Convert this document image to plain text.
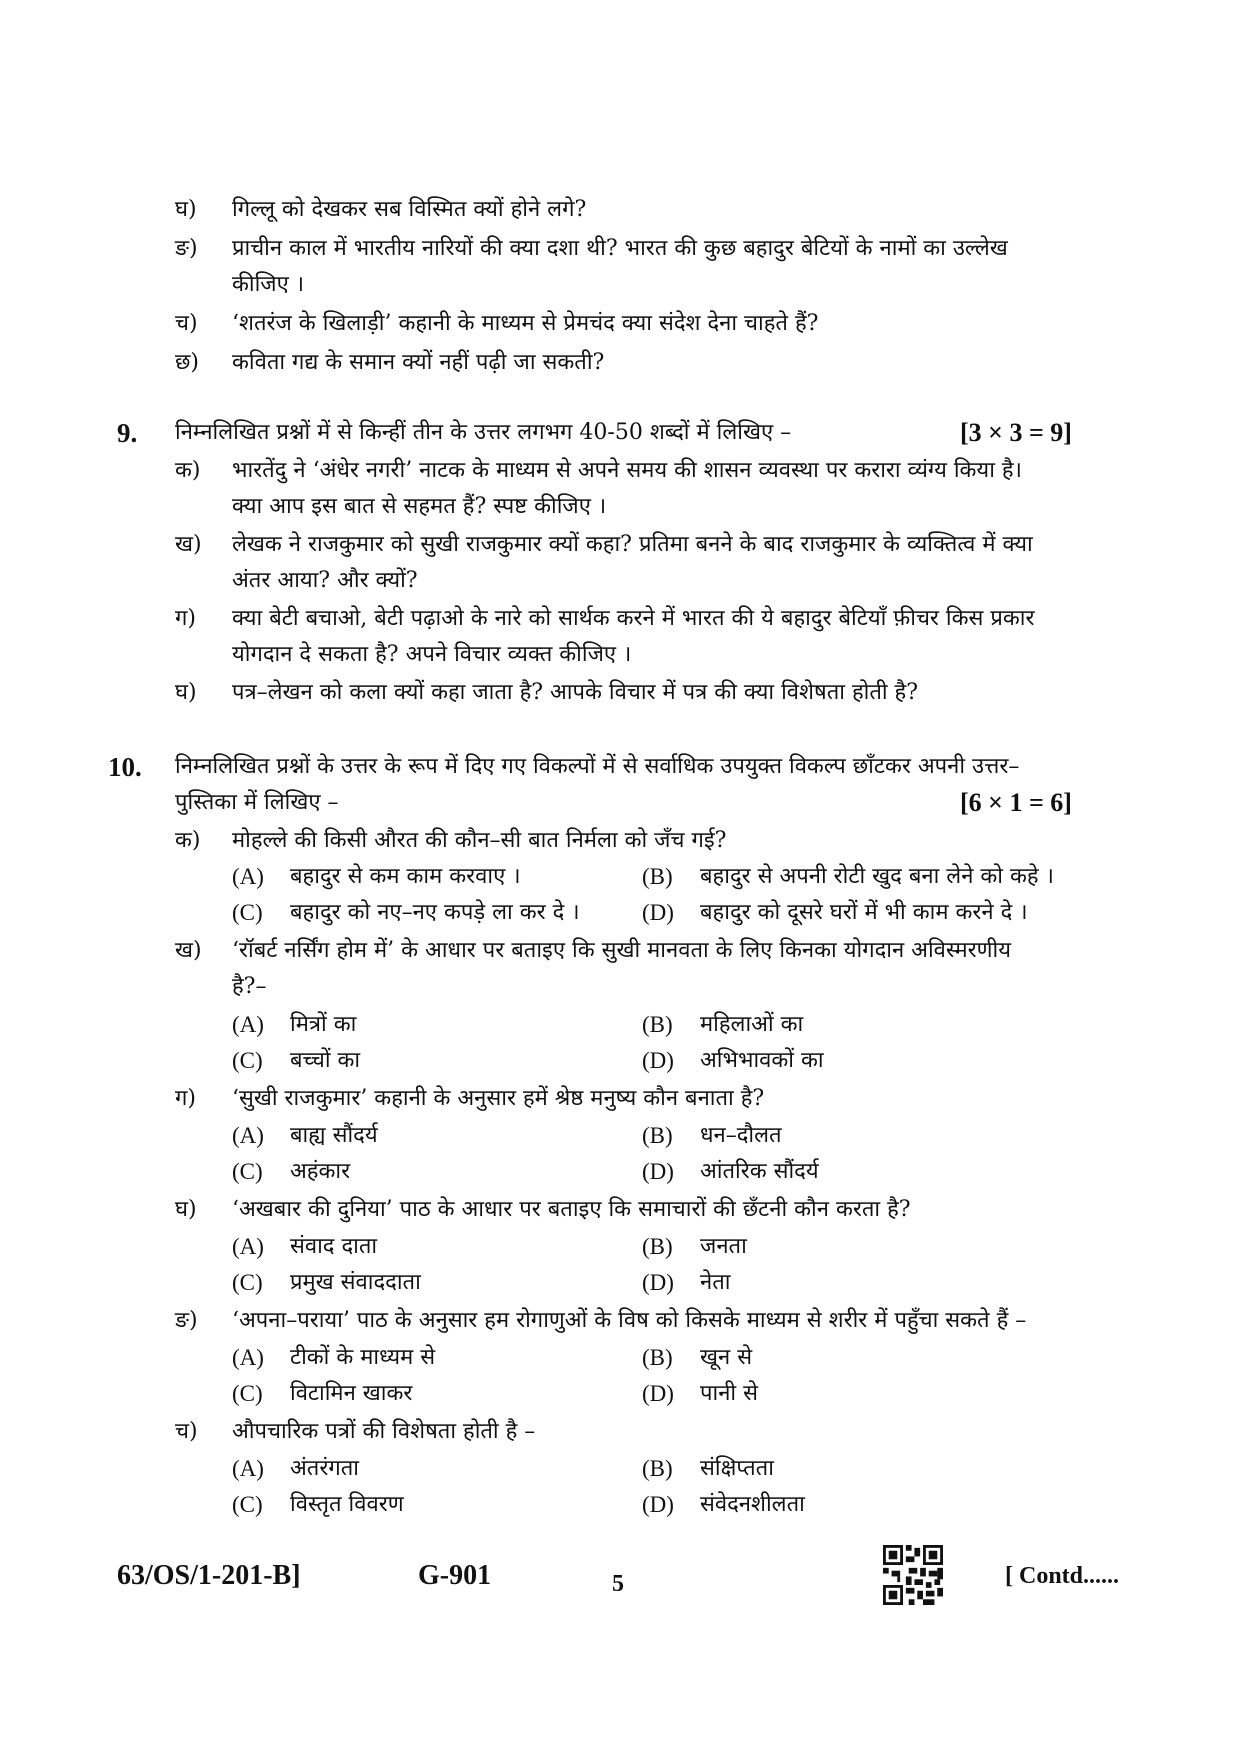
घ) गिल्लू को देखकर सब विस्मित क्यों होने लगे?
ङ) प्राचीन काल में भारतीय नारियों की क्या दशा थी? भारत की कुछ बहादुर बेटियों के नामों का उल्लेख
कीजिए ।
च) ‘शतरंज के खिलाड़ी’ कहानी के माध्यम से प्रेमचंद क्या संदेश देना चाहते हैं?
छ) कविता गद्य के समान क्यों नहीं पढ़ी जा सकती?
9. निम्नलिखित प्रश्नों में से किन्हीं तीन के उत्तर लगभग 40-50 शब्दों में लिखिए –	[3 × 3 = 9]
क) भारतेंदु ने ‘अंधेर नगरी’ नाटक के माध्यम से अपने समय की शासन व्यवस्था पर करारा व्यंग्य किया है।
क्या आप इस बात से सहमत हैं? स्पष्ट कीजिए ।
ख) लेखक ने राजकुमार को सुखी राजकुमार क्यों कहा? प्रतिमा बनने के बाद राजकुमार के व्यक्तित्व में क्या
अंतर आया? और क्यों?
ग) क्या बेटी बचाओ, बेटी पढ़ाओ के नारे को सार्थक करने में भारत की ये बहादुर बेटियाँ फ़ीचर किस प्रकार
योगदान दे सकता है? अपने विचार व्यक्त कीजिए ।
घ) पत्र–लेखन को कला क्यों कहा जाता है? आपके विचार में पत्र की क्या विशेषता होती है?
10. निम्नलिखित प्रश्नों के उत्तर के रूप में दिए गए विकल्पों में से सर्वाधिक उपयुक्त विकल्प छाँटकर अपनी उत्तर–
पुस्तिका में लिखिए –	[6 × 1 = 6]
क) मोहल्ले की किसी औरत की कौन–सी बात निर्मला को जँच गई?
(A) बहादुर से कम काम करवाए ।	(B) बहादुर से अपनी रोटी खुद बना लेने को कहे ।
(C) बहादुर को नए–नए कपड़े ला कर दे ।	(D) बहादुर को दूसरे घरों में भी काम करने दे ।
ख) ‘रॉबर्ट नर्सिंग होम में’ के आधार पर बताइए कि सुखी मानवता के लिए किनका योगदान अविस्मरणीय
है?–
(A) मित्रों का	(B) महिलाओं का
(C) बच्चों का	(D) अभिभावकों का
ग) ‘सुखी राजकुमार’ कहानी के अनुसार हमें श्रेष्ठ मनुष्य कौन बनाता है?
(A) बाह्य सौंदर्य	(B) धन–दौलत
(C) अहंकार	(D) आंतरिक सौंदर्य
घ) ‘अखबार की दुनिया’ पाठ के आधार पर बताइए कि समाचारों की छँटनी कौन करता है?
(A) संवाद दाता	(B) जनता
(C) प्रमुख संवाददाता	(D) नेता
ङ) ‘अपना–पराया’ पाठ के अनुसार हम रोगाणुओं के विष को किसके माध्यम से शरीर में पहुँचा सकते हैं –
(A) टीकों के माध्यम से	(B) खून से
(C) विटामिन खाकर	(D) पानी से
च) औपचारिक पत्रों की विशेषता होती है –
(A) अंतरंगता	(B) संक्षिप्तता
(C) विस्तृत विवरण	(D) संवेदनशीलता
63/OS/1-201-B]	G-901	5	[ Contd......
